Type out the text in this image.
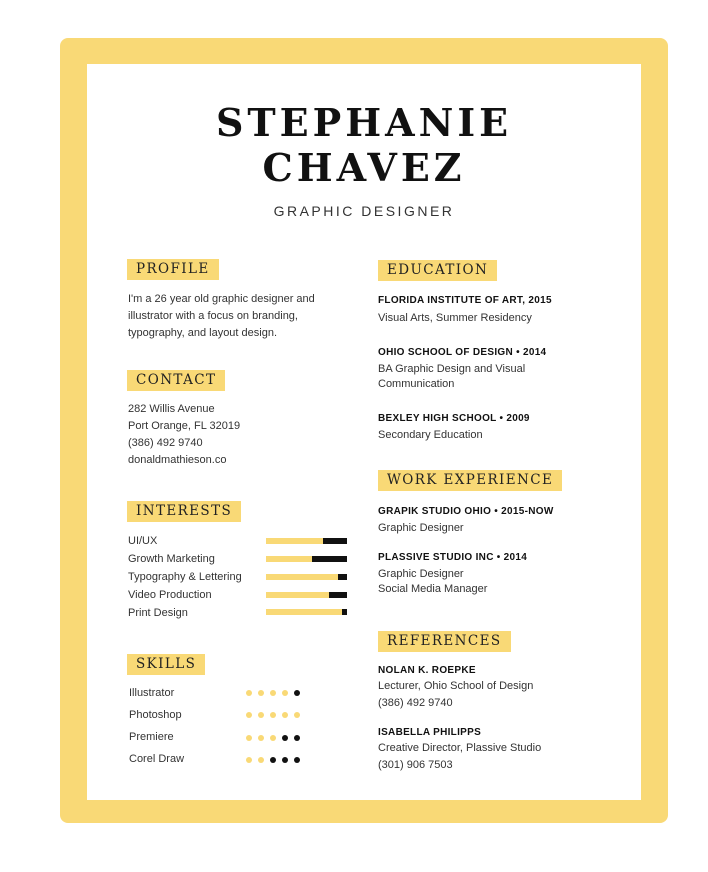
STEPHANIE
CHAVEZ
GRAPHIC DESIGNER
PROFILE
I'm a 26 year old graphic designer and
illustrator with a focus on branding,
typography, and layout design.
CONTACT
282 Willis Avenue
Port Orange, FL 32019
(386) 492 9740
donaldmathieson.co
INTERESTS
UI/UX
Growth Marketing
Typography & Lettering
Video Production
Print Design
SKILLS
Illustrator
Photoshop
Premiere
Corel Draw
EDUCATION
FLORIDA INSTITUTE OF ART, 2015
Visual Arts, Summer Residency
OHIO SCHOOL OF DESIGN • 2014
BA Graphic Design and Visual
Communication
BEXLEY HIGH SCHOOL • 2009
Secondary Education
WORK EXPERIENCE
GRAPIK STUDIO OHIO • 2015-NOW
Graphic Designer
PLASSIVE STUDIO INC • 2014
Graphic Designer
Social Media Manager
REFERENCES
NOLAN K. ROEPKE
Lecturer, Ohio School of Design
(386) 492 9740
ISABELLA PHILIPPS
Creative Director, Plassive Studio
(301) 906 7503
